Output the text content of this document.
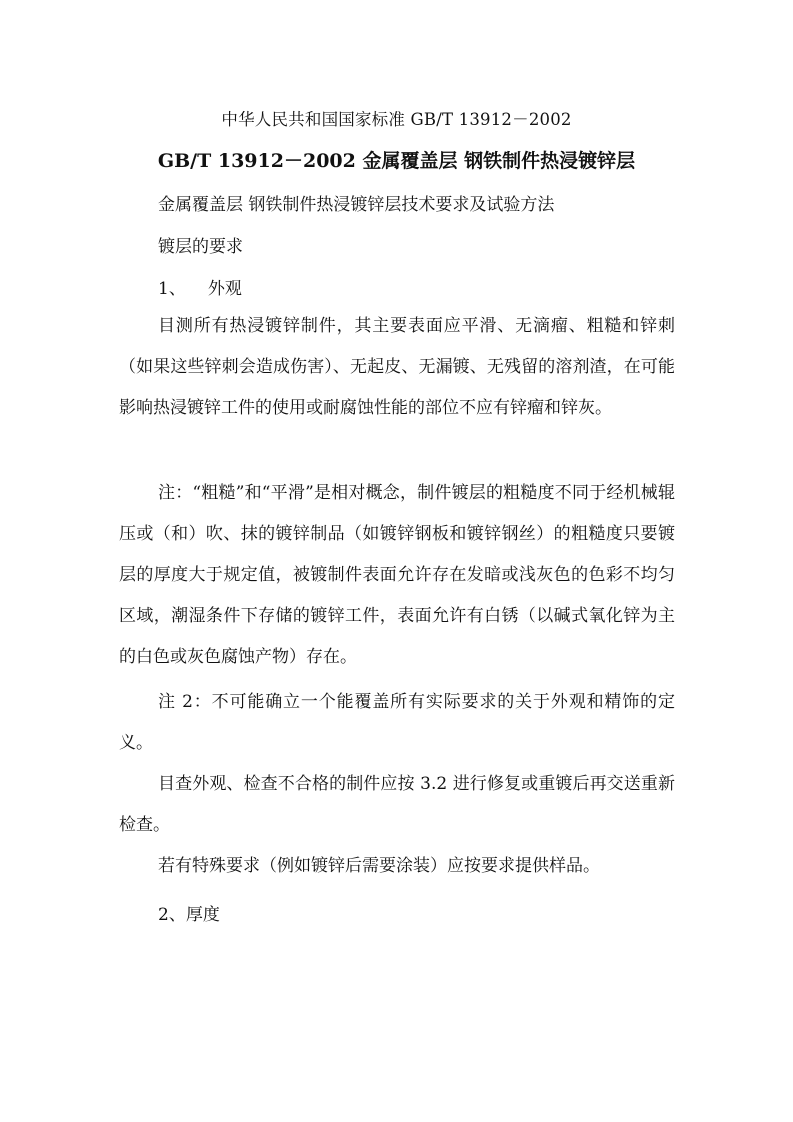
中华人民共和国国家标准 GB/T 13912－2002
GB/T 13912－2002 金属覆盖层 钢铁制件热浸镀锌层
金属覆盖层 钢铁制件热浸镀锌层技术要求及试验方法
镀层的要求
1、 外观

目测所有热浸镀锌制件，其主要表面应平滑、无滴瘤、粗糙和锌刺（如果这些锌刺会造成伤害）、无起皮、无漏镀、无残留的溶剂渣，在可能影响热浸镀锌工件的使用或耐腐蚀性能的部位不应有锌瘤和锌灰。

注：“粗糙”和“平滑”是相对概念，制件镀层的粗糙度不同于经机械辊压或（和）吹、抹的镀锌制品（如镀锌钢板和镀锌钢丝）的粗糙度只要镀层的厚度大于规定值，被镀制件表面允许存在发暗或浅灰色的色彩不均匀区域，潮湿条件下存储的镀锌工件，表面允许有白锈（以碱式氧化锌为主的白色或灰色腐蚀产物）存在。

注 2：不可能确立一个能覆盖所有实际要求的关于外观和精饰的定义。

目查外观、检查不合格的制件应按 3.2 进行修复或重镀后再交送重新检查。

若有特殊要求（例如镀锌后需要涂装）应按要求提供样品。

2、厚度
